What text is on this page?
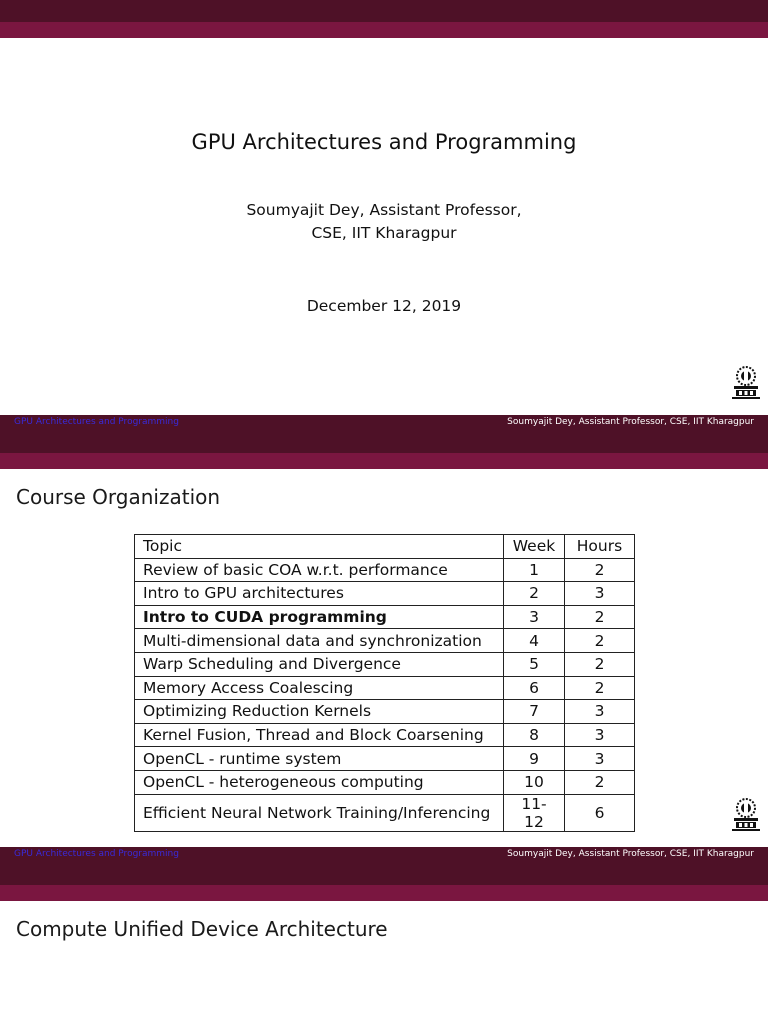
GPU Architectures and Programming
Soumyajit Dey, Assistant Professor,
CSE, IIT Kharagpur
December 12, 2019
GPU Architectures and Programming	Soumyajit Dey, Assistant Professor, CSE, IIT Kharagpur
Course Organization
Topic	Week	Hours
Review of basic COA w.r.t. performance	1	2
Intro to GPU architectures	2	3
Intro to CUDA programming	3	2
Multi-dimensional data and synchronization	4	2
Warp Scheduling and Divergence	5	2
Memory Access Coalescing	6	2
Optimizing Reduction Kernels	7	3
Kernel Fusion, Thread and Block Coarsening	8	3
OpenCL - runtime system	9	3
OpenCL - heterogeneous computing	10	2
Efficient Neural Network Training/Inferencing	11-12	6
GPU Architectures and Programming	Soumyajit Dey, Assistant Professor, CSE, IIT Kharagpur
Compute Unified Device Architecture
